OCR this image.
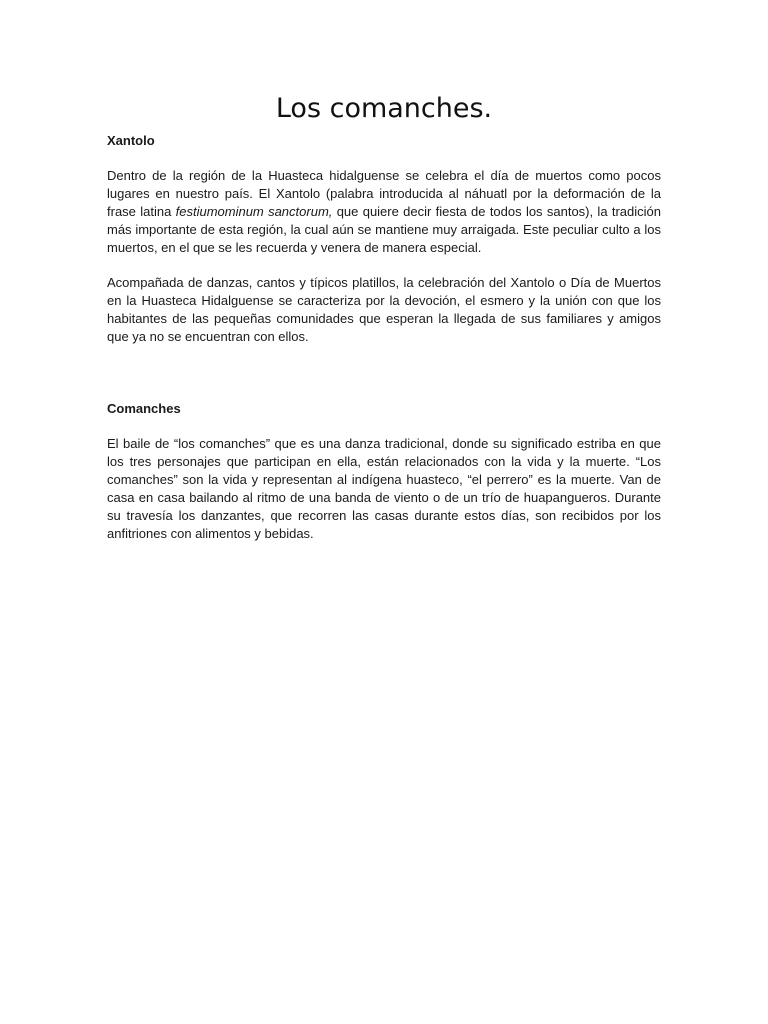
Los comanches.
Xantolo

Dentro de la región de la Huasteca hidalguense se celebra el día de muertos como pocos lugares en nuestro país. El Xantolo (palabra introducida al náhuatl por la deformación de la frase latina festiumominum sanctorum, que quiere decir fiesta de todos los santos), la tradición más importante de esta región, la cual aún se mantiene muy arraigada. Este peculiar culto a los muertos, en el que se les recuerda y venera de manera especial.

Acompañada de danzas, cantos y típicos platillos, la celebración del Xantolo o Día de Muertos en la Huasteca Hidalguense se caracteriza por la devoción, el esmero y la unión con que los habitantes de las pequeñas comunidades que esperan la llegada de sus familiares y amigos que ya no se encuentran con ellos.

Comanches

El baile de “los comanches” que es una danza tradicional, donde su significado estriba en que los tres personajes que participan en ella, están relacionados con la vida y la muerte. “Los comanches” son la vida y representan al indígena huasteco, “el perrero” es la muerte. Van de casa en casa bailando al ritmo de una banda de viento o de un trío de huapangueros. Durante su travesía los danzantes, que recorren las casas durante estos días, son recibidos por los anfitriones con alimentos y bebidas.
